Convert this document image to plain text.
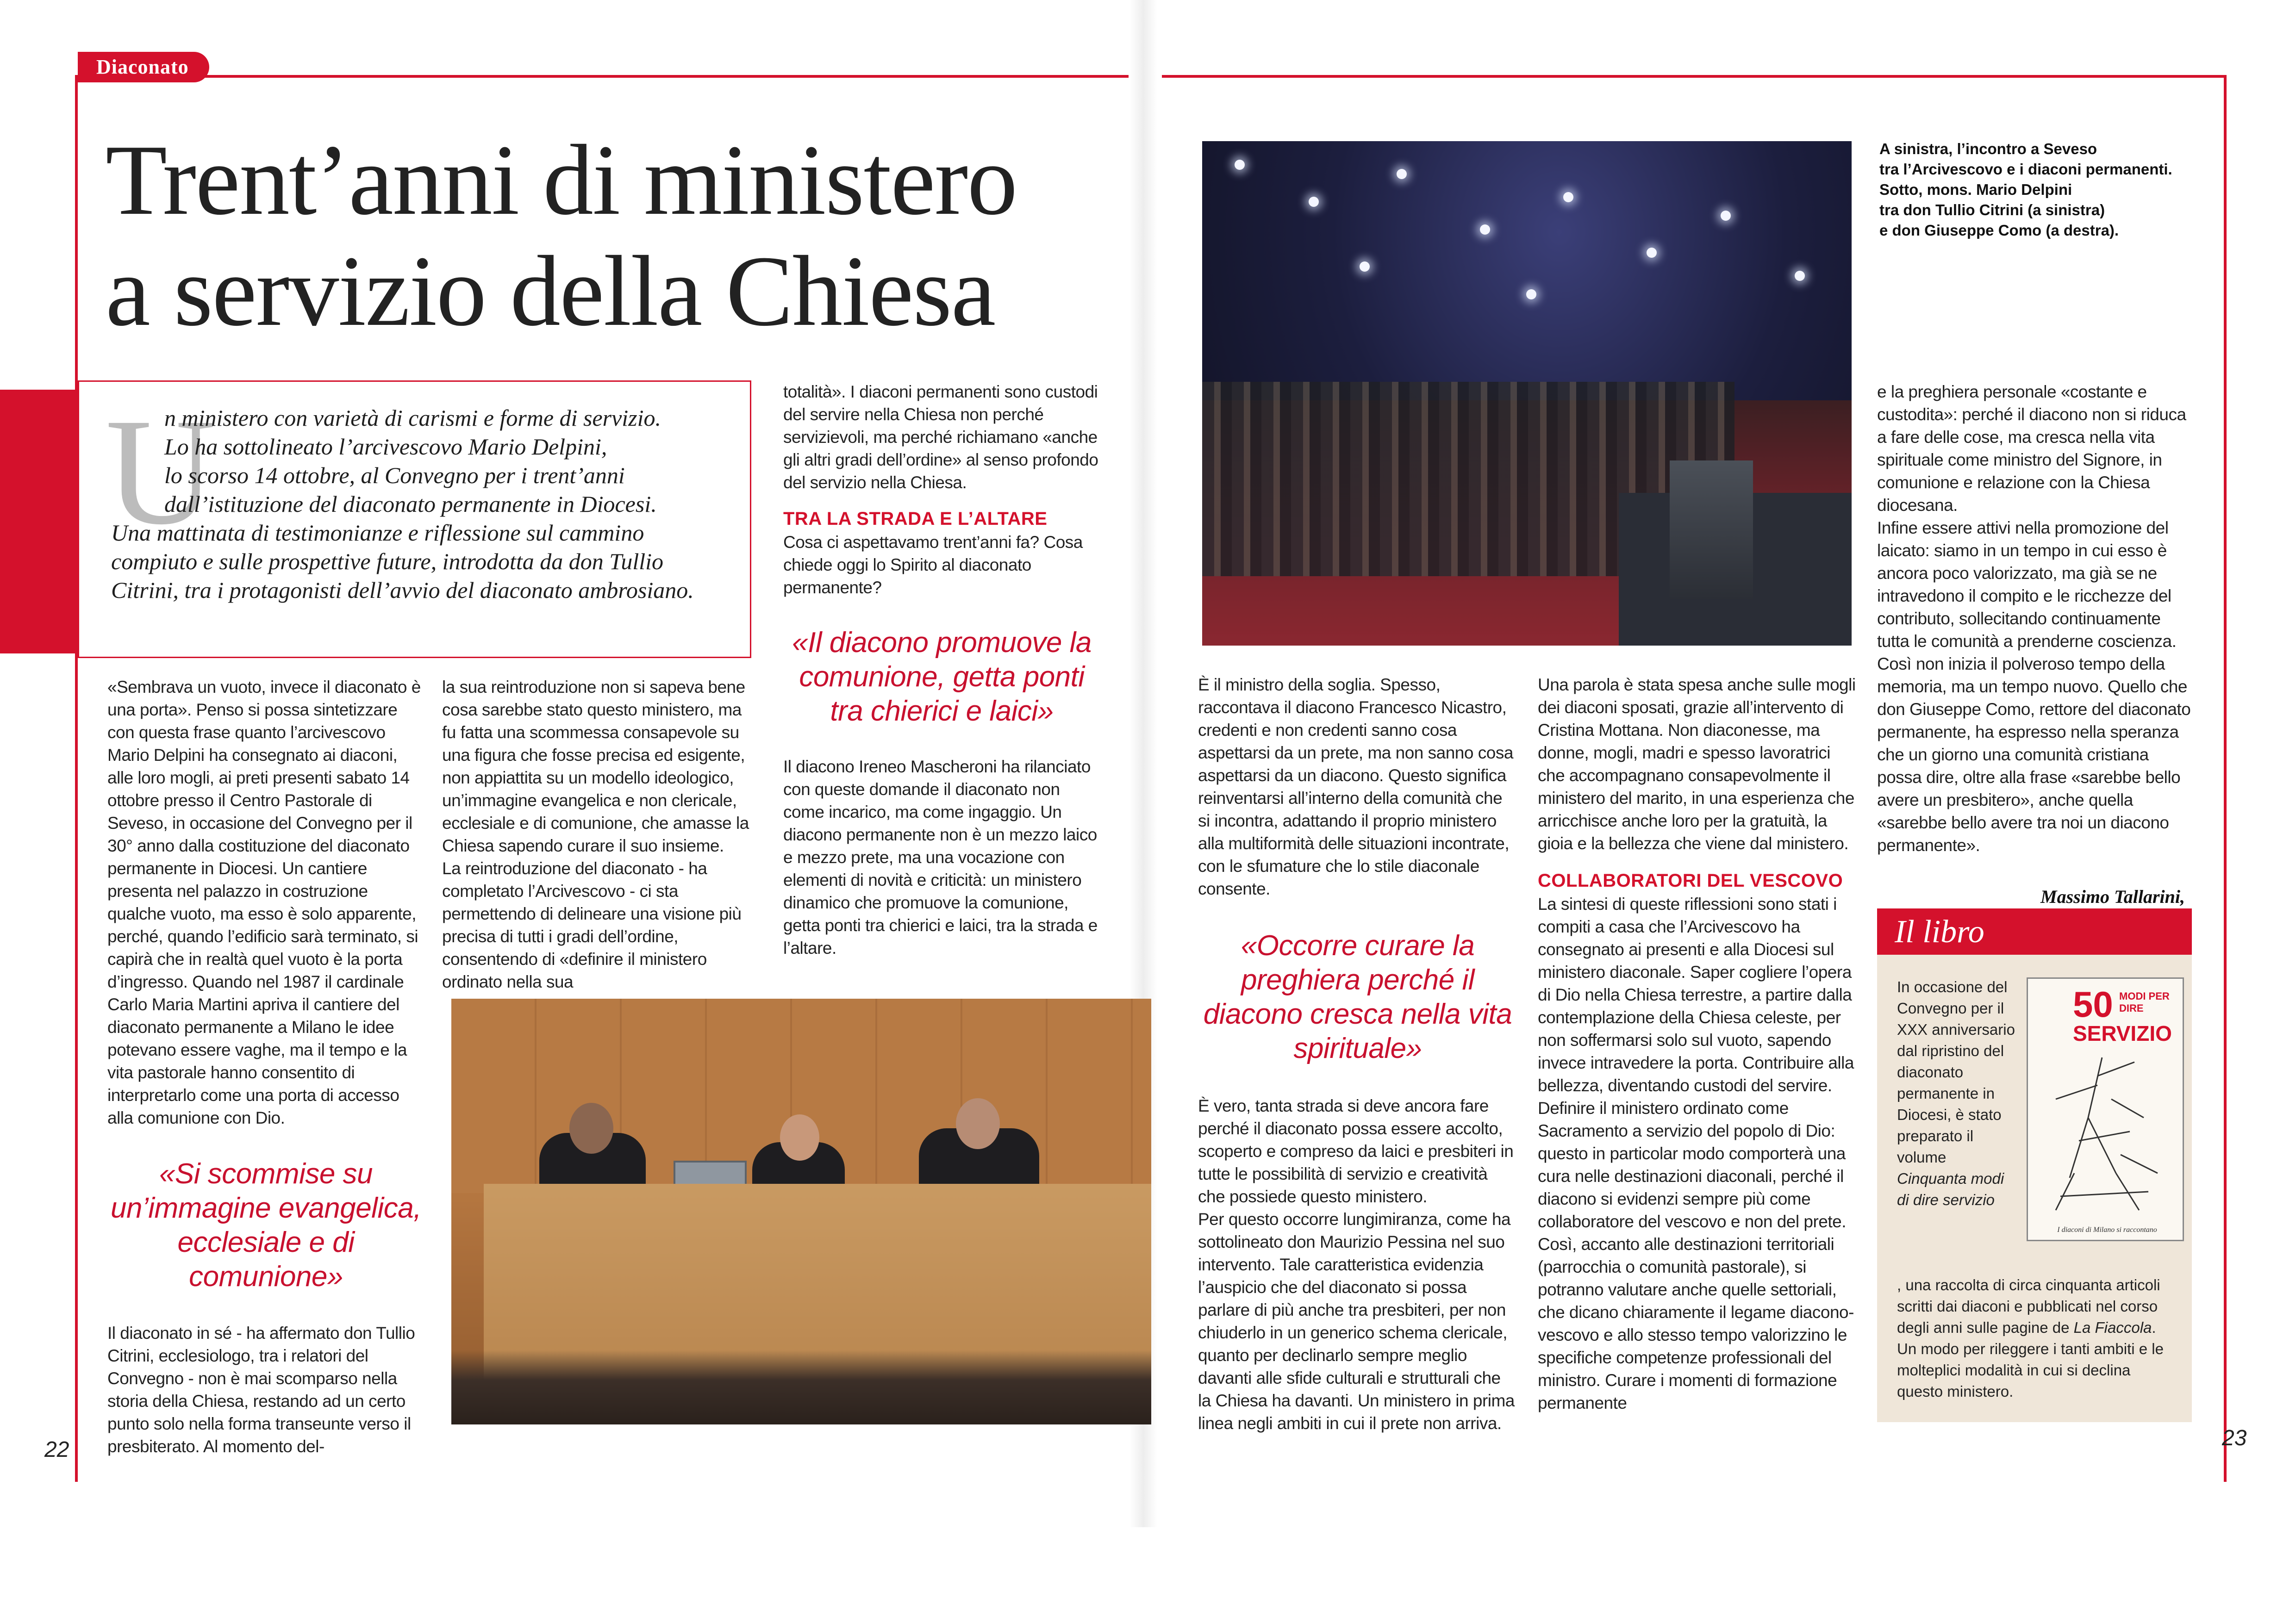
Diaconato
Trent’anni di ministero
a servizio della Chiesa
U
n ministero con varietà di carismi e forme di servizio.
Lo ha sottolineato l’arcivescovo Mario Delpini,
lo scorso 14 ottobre, al Convegno per i trent’anni
dall’istituzione del diaconato permanente in Diocesi.
Una mattinata di testimonianze e riflessione sul cammino
compiuto e sulle prospettive future, introdotta da don Tullio
Citrini, tra i protagonisti dell’avvio del diaconato ambrosiano.

«Sembrava un vuoto, invece il diaconato è una porta». Penso si possa sintetizzare con questa frase quanto l’arcivescovo Mario Delpini ha consegnato ai diaconi, alle loro mogli, ai preti presenti sabato 14 ottobre presso il Centro Pastorale di Seveso, in occasione del Convegno per il 30° anno dalla costituzione del diaconato permanente in Diocesi. Un cantiere presenta nel palazzo in costruzione qualche vuoto, ma esso è solo apparente, perché, quando l’edificio sarà terminato, si capirà che in realtà quel vuoto è la porta d’ingresso. Quando nel 1987 il cardinale Carlo Maria Martini apriva il cantiere del diaconato permanente a Milano le idee potevano essere vaghe, ma il tempo e la vita pastorale hanno consentito di interpretarlo come una porta di accesso alla comunione con Dio.

«Si scommise su un’immagine evangelica, ecclesiale e di comunione»

Il diaconato in sé - ha affermato don Tullio Citrini, ecclesiologo, tra i relatori del Convegno - non è mai scomparso nella storia della Chiesa, restando ad un certo punto solo nella forma transeunte verso il presbiterato. Al momento del-

la sua reintroduzione non si sapeva bene cosa sarebbe stato questo ministero, ma fu fatta una scommessa consapevole su una figura che fosse precisa ed esigente, non appiattita su un modello ideologico, un’immagine evangelica e non clericale, ecclesiale e di comunione, che amasse la Chiesa sapendo curare il suo insieme.

La reintroduzione del diaconato - ha completato l’Arcivescovo - ci sta permettendo di delineare una visione più precisa di tutti i gradi dell’ordine, consentendo di «definire il ministero ordinato nella sua

totalità». I diaconi permanenti sono custodi del servire nella Chiesa non perché servizievoli, ma perché richiamano «anche gli altri gradi dell’ordine» al senso profondo del servizio nella Chiesa.

TRA LA STRADA E L’ALTARE

Cosa ci aspettavamo trent’anni fa? Cosa chiede oggi lo Spirito al diaconato permanente?

«Il diacono promuove la comunione, getta ponti tra chierici e laici»

Il diacono Ireneo Mascheroni ha rilanciato con queste domande il diaconato non come incarico, ma come ingaggio. Un diacono permanente non è un mezzo laico e mezzo prete, ma una vocazione con elementi di novità e criticità: un ministero dinamico che promuove la comunione, getta ponti tra chierici e laici, tra la strada e l’altare.

A sinistra, l’incontro a Seveso
tra l’Arcivescovo e i diaconi permanenti.
Sotto, mons. Mario Delpini
tra don Tullio Citrini (a sinistra)
e don Giuseppe Como (a destra).

È il ministro della soglia. Spesso, raccontava il diacono Francesco Nicastro, credenti e non credenti sanno cosa aspettarsi da un prete, ma non sanno cosa aspettarsi da un diacono. Questo significa reinventarsi all’interno della comunità che si incontra, adattando il proprio ministero alla multiformità delle situazioni incontrate, con le sfumature che lo stile diaconale consente.

«Occorre curare la preghiera perché il diacono cresca nella vita spirituale»

È vero, tanta strada si deve ancora fare perché il diaconato possa essere accolto, scoperto e compreso da laici e presbiteri in tutte le possibilità di servizio e creatività che possiede questo ministero.

Per questo occorre lungimiranza, come ha sottolineato don Maurizio Pessina nel suo intervento. Tale caratteristica evidenzia l’auspicio che del diaconato si possa parlare di più anche tra presbiteri, per non chiuderlo in un generico schema clericale, quanto per declinarlo sempre meglio davanti alle sfide culturali e strutturali che la Chiesa ha davanti. Un ministero in prima linea negli ambiti in cui il prete non arriva.

Una parola è stata spesa anche sulle mogli dei diaconi sposati, grazie all’intervento di Cristina Mottana. Non diaconesse, ma donne, mogli, madri e spesso lavoratrici che accompagnano consapevolmente il ministero del marito, in una esperienza che arricchisce anche loro per la gratuità, la gioia e la bellezza che viene dal ministero.

COLLABORATORI DEL VESCOVO

La sintesi di queste riflessioni sono stati i compiti a casa che l’Arcivescovo ha consegnato ai presenti e alla Diocesi sul ministero diaconale. Saper cogliere l’opera di Dio nella Chiesa terrestre, a partire dalla contemplazione della Chiesa celeste, per non soffermarsi solo sul vuoto, sapendo invece intravedere la porta. Contribuire alla bellezza, diventando custodi del servire. Definire il ministero ordinato come Sacramento a servizio del popolo di Dio: questo in particolar modo comporterà una cura nelle destinazioni diaconali, perché il diacono si evidenzi sempre più come collaboratore del vescovo e non del prete. Così, accanto alle destinazioni territoriali (parrocchia o comunità pastorale), si potranno valutare anche quelle settoriali, che dicano chiaramente il legame diacono-vescovo e allo stesso tempo valorizzino le specifiche competenze professionali del ministro. Curare i momenti di formazione permanente

e la preghiera personale «costante e custodita»: perché il diacono non si riduca a fare delle cose, ma cresca nella vita spirituale come ministro del Signore, in comunione e relazione con la Chiesa diocesana.

Infine essere attivi nella promozione del laicato: siamo in un tempo in cui esso è ancora poco valorizzato, ma già se ne intravedono il compito e le ricchezze del contributo, sollecitando continuamente tutta le comunità a prenderne coscienza. Così non inizia il polveroso tempo della memoria, ma un tempo nuovo. Quello che don Giuseppe Como, rettore del diaconato permanente, ha espresso nella speranza che un giorno una comunità cristiana possa dire, oltre alla frase «sarebbe bello avere un presbitero», anche quella «sarebbe bello avere tra noi un diacono permanente».

Massimo Tallarini,
Il libro
In occasione del Convegno per il XXX anniversario dal ripristino del diaconato permanente in Diocesi, è stato preparato il volume Cinquanta modi di dire servizio
, una raccolta di circa cinquanta articoli scritti dai diaconi e pubblicati nel corso degli anni sulle pagine de La Fiaccola. Un modo per rileggere i tanti ambiti e le molteplici modalità in cui si declina questo ministero.
50 MODI PER DIRE
SERVIZIO
I diaconi di Milano si raccontano
22	23
